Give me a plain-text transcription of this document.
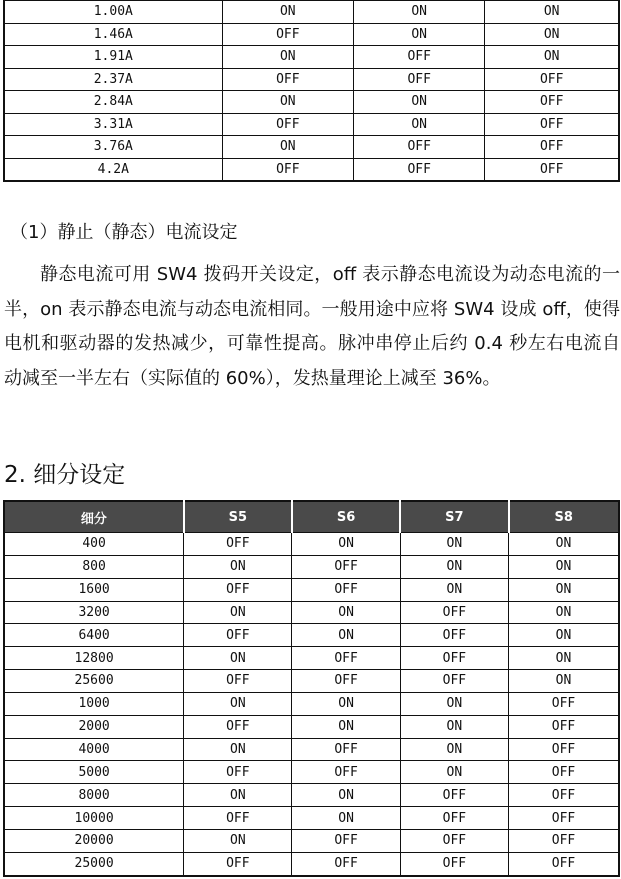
1.00A	ON	ON	ON
1.46A	OFF	ON	ON
1.91A	ON	OFF	ON
2.37A	OFF	OFF	OFF
2.84A	ON	ON	OFF
3.31A	OFF	ON	OFF
3.76A	ON	OFF	OFF
4.2A	OFF	OFF	OFF
（1）静止（静态）电流设定

静态电流可用 SW4 拨码开关设定，off 表示静态电流设为动态电流的一半，on 表示静态电流与动态电流相同。一般用途中应将 SW4 设成 off，使得电机和驱动器的发热减少，可靠性提高。脉冲串停止后约 0.4 秒左右电流自动减至一半左右（实际值的 60%），发热量理论上减至 36%。

2. 细分设定
细分	S5	S6	S7	S8
400	OFF	ON	ON	ON
800	ON	OFF	ON	ON
1600	OFF	OFF	ON	ON
3200	ON	ON	OFF	ON
6400	OFF	ON	OFF	ON
12800	ON	OFF	OFF	ON
25600	OFF	OFF	OFF	ON
1000	ON	ON	ON	OFF
2000	OFF	ON	ON	OFF
4000	ON	OFF	ON	OFF
5000	OFF	OFF	ON	OFF
8000	ON	ON	OFF	OFF
10000	OFF	ON	OFF	OFF
20000	ON	OFF	OFF	OFF
25000	OFF	OFF	OFF	OFF
